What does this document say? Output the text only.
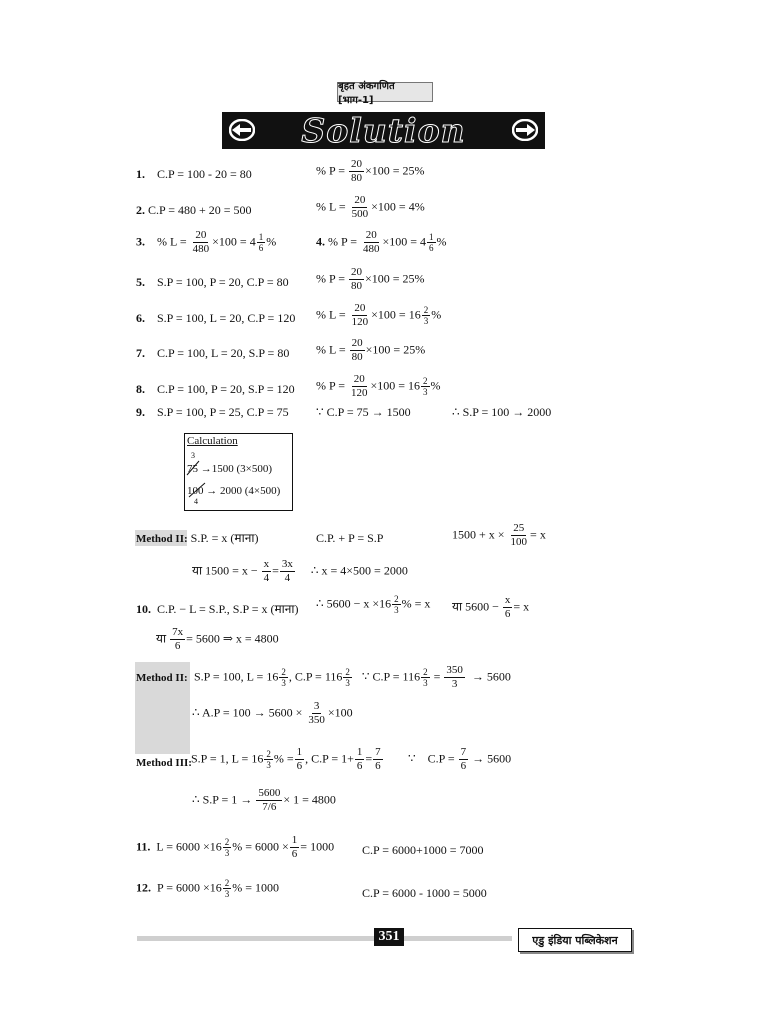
बृहत अंकगणित [भाग-1]
Solution
1. C.P = 100 - 20 = 80	% $P = \frac{20}{80} \times 100 = 25\%$
2. C.P = 480 + 20 = 500	% $L = \frac{20}{500} \times 100 = 4\%$
3. % $L = \frac{20}{480} \times 100 = 4 \frac{1}{6}$ %	4. % $P = \frac{20}{480} \times 100 = 4 \frac{1}{6}$ %
5. S.P = 100, P = 20, C.P = 80 % $P = \frac{20}{80} \times 100 = 25\%$
6. S.P = 100, L = 20, C.P = 120 % $L = \frac{20}{120} \times 100 = 16 \frac{2}{3}$ %
7. C.P = 100, L = 20, S.P = 80 % $L = \frac{20}{80} \times 100 = 25\%$
8. C.P = 100, P = 20, S.P = 120 % $P = \frac{20}{120} \times 100 = 16 \frac{2}{3}$ %
9. S.P = 100, P = 25, C.P = 75 ∵ C.P = 75 → 1500	∴ S.P = 100 → 2000
Calculation
3
75 →1500 (3×500)
100 → 2000 (4×500)
4
Method II: S.P. = x (माना)	C.P. + P = S.P	$1500 + x \times \frac{25}{100} = x$
या $1500 = x - \frac{x}{4} = \frac{3x}{4}$ ∴ x = 4×500 = 2000
10. C.P. − L = S.P., S.P = x (माना) ∴ $5600 - x \times 16 \frac{2}{3}$ % = x या $5600 - \frac{x}{6} = x$
या $\frac{7x}{6} = 5600$ ⇒ x = 4800
Method II: S.P = 100, $L = 16 \frac{2}{3}$ , $C.P = 116 \frac{2}{3}$ ∵ $C.P = 116 \frac{2}{3} = \frac{350}{3} \to 5600$
∴ $A.P = 100 \to 5600 \times \frac{3}{350} \times 100$
Method III: S.P = 1, $L = 16 \frac{2}{3}$ % = $\frac{1}{6}$ , $C.P = 1+ \frac{1}{6} = \frac{7}{6}$ ∵ $C.P = \frac{7}{6} \to 5600$
∴ $S.P = 1 \to \frac{5600}{7/6} \times 1 = 4800$
11. $L = 6000 \times 16 \frac{2}{3}$ % = $6000 \times \frac{1}{6} = 1000$ C.P = 6000+1000 = 7000
12. $P = 6000 \times 16 \frac{2}{3}$ % = 1000	C.P = 6000 - 1000 = 5000
351	एडु इंडिया पब्लिकेशन
